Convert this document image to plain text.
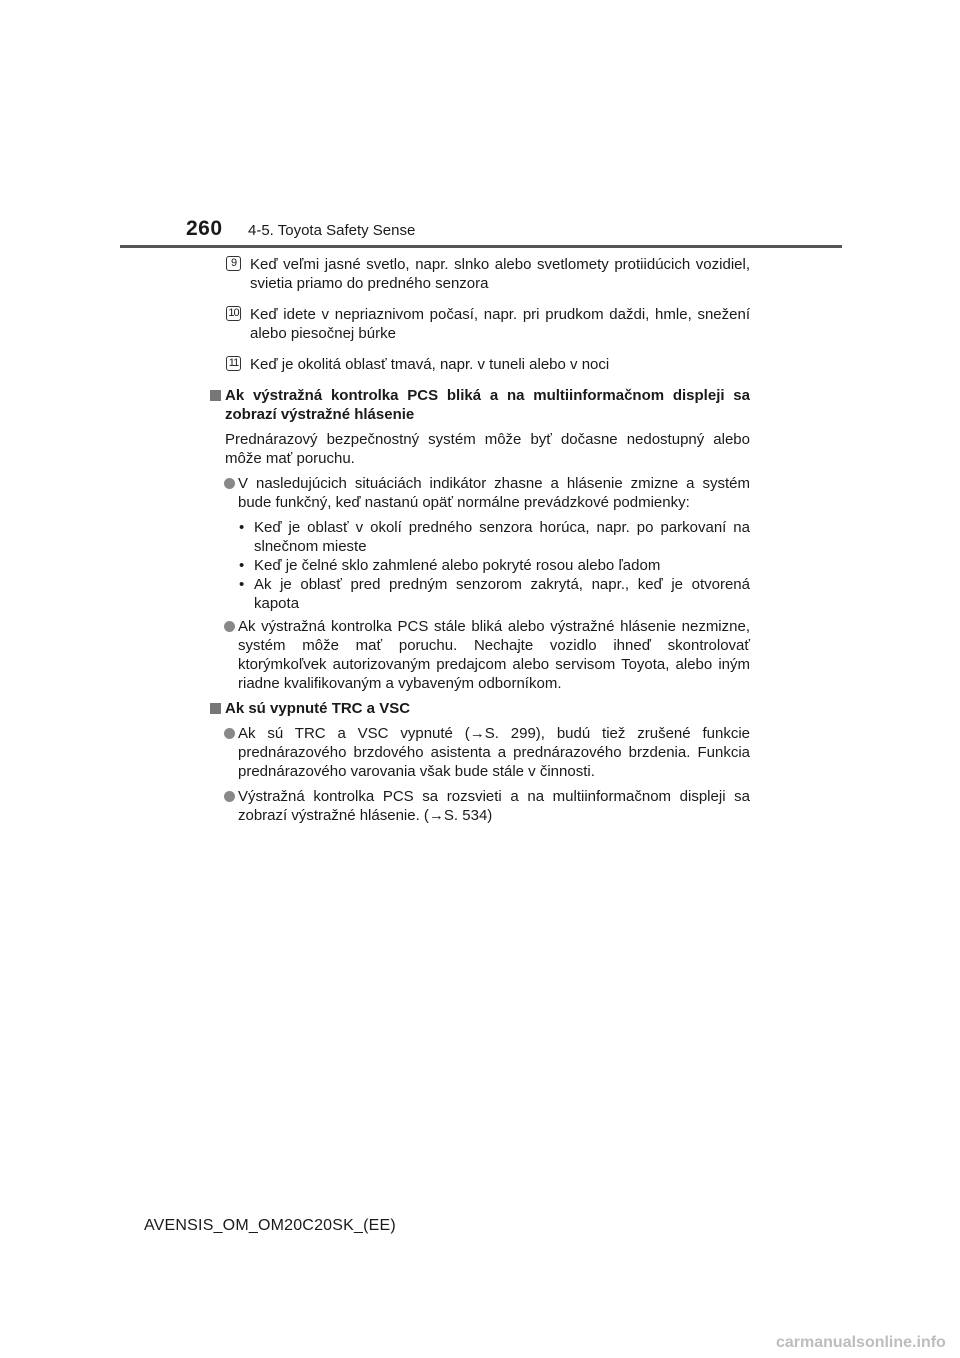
260 4-5. Toyota Safety Sense
9 Keď veľmi jasné svetlo, napr. slnko alebo svetlomety protiidúcich vozidiel, svietia priamo do predného senzora
10 Keď idete v nepriaznivom počasí, napr. pri prudkom daždi, hmle, snežení alebo piesočnej búrke
11 Keď je okolitá oblasť tmavá, napr. v tuneli alebo v noci
Ak výstražná kontrolka PCS bliká a na multiinformačnom displeji sa zobrazí výstražné hlásenie
Prednárazový bezpečnostný systém môže byť dočasne nedostupný alebo môže mať poruchu.
V nasledujúcich situáciách indikátor zhasne a hlásenie zmizne a systém bude funkčný, keď nastanú opäť normálne prevádzkové podmienky:
• Keď je oblasť v okolí predného senzora horúca, napr. po parkovaní na slnečnom mieste
• Keď je čelné sklo zahmlené alebo pokryté rosou alebo ľadom
• Ak je oblasť pred predným senzorom zakrytá, napr., keď je otvorená kapota
Ak výstražná kontrolka PCS stále bliká alebo výstražné hlásenie nezmizne, systém môže mať poruchu. Nechajte vozidlo ihneď skontrolovať ktorýmkoľvek autorizovaným predajcom alebo servisom Toyota, alebo iným riadne kvalifikovaným a vybaveným odborníkom.
Ak sú vypnuté TRC a VSC
Ak sú TRC a VSC vypnuté (→S. 299), budú tiež zrušené funkcie prednárazového brzdového asistenta a prednárazového brzdenia. Funkcia prednárazového varovania však bude stále v činnosti.
Výstražná kontrolka PCS sa rozsvieti a na multiinformačnom displeji sa zobrazí výstražné hlásenie. (→S. 534)
AVENSIS_OM_OM20C20SK_(EE)
carmanualsonline.info
